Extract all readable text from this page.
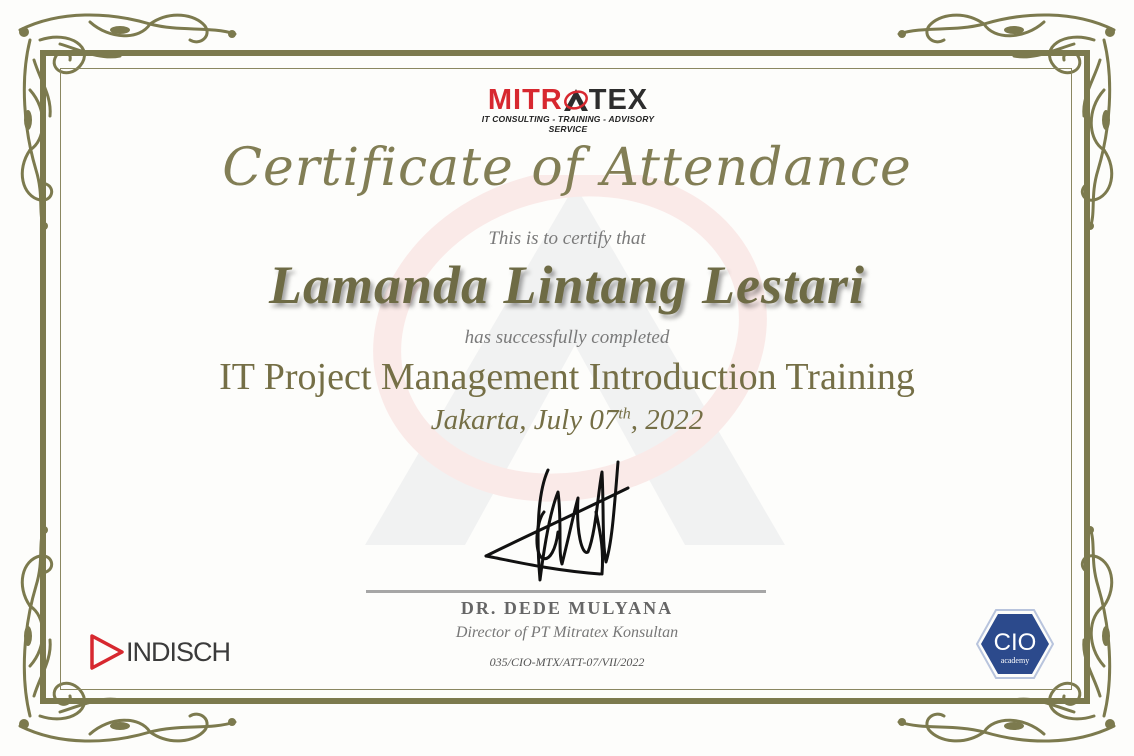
MITR TEX
IT CONSULTING - TRAINING - ADVISORY SERVICE
Certificate of Attendance
This is to certify that
Lamanda Lintang Lestari
has successfully completed
IT Project Management Introduction Training
Jakarta, July 07th, 2022
DR. DEDE MULYANA
Director of PT Mitratex Konsultan
035/CIO-MTX/ATT-07/VII/2022
INDISCH	CIO
academy
